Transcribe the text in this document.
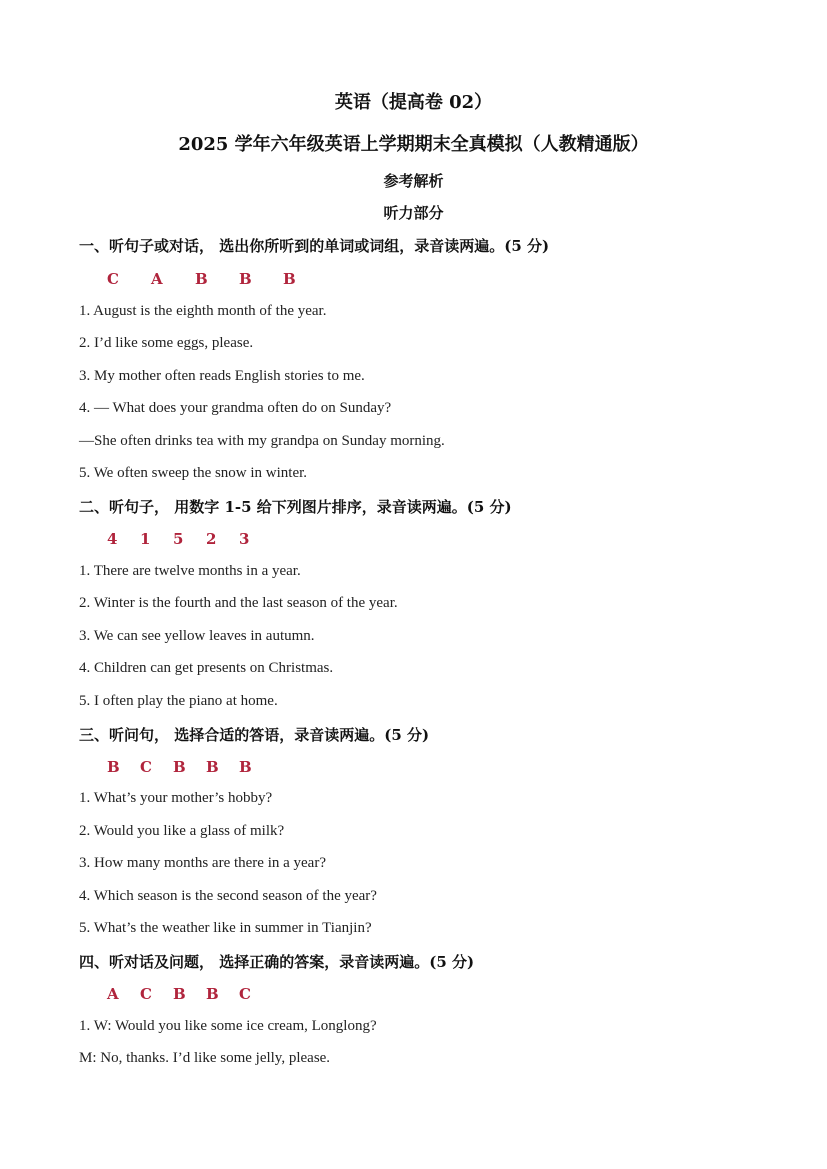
英语（提高卷 02）
2025 学年六年级英语上学期期末全真模拟（人教精通版）
参考解析
听力部分
一、听句子或对话， 选出你所听到的单词或词组，录音读两遍。(5 分)
C A B B B
1. August is the eighth month of the year.
2. I’d like some eggs, please.
3. My mother often reads English stories to me.
4. — What does your grandma often do on Sunday?
—She often drinks tea with my grandpa on Sunday morning.
5. We often sweep the snow in winter.
二、听句子， 用数字 1-5 给下列图片排序，录音读两遍。(5 分)
4 1 5 2 3
1. There are twelve months in a year.
2. Winter is the fourth and the last season of the year.
3. We can see yellow leaves in autumn.
4. Children can get presents on Christmas.
5. I often play the piano at home.
三、听问句， 选择合适的答语，录音读两遍。(5 分)
B C B B B
1. What’s your mother’s hobby?
2. Would you like a glass of milk?
3. How many months are there in a year?
4. Which season is the second season of the year?
5. What’s the weather like in summer in Tianjin?
四、听对话及问题， 选择正确的答案，录音读两遍。(5 分)
A C B B C
1. W: Would you like some ice cream, Longlong?
M: No, thanks. I’d like some jelly, please.
